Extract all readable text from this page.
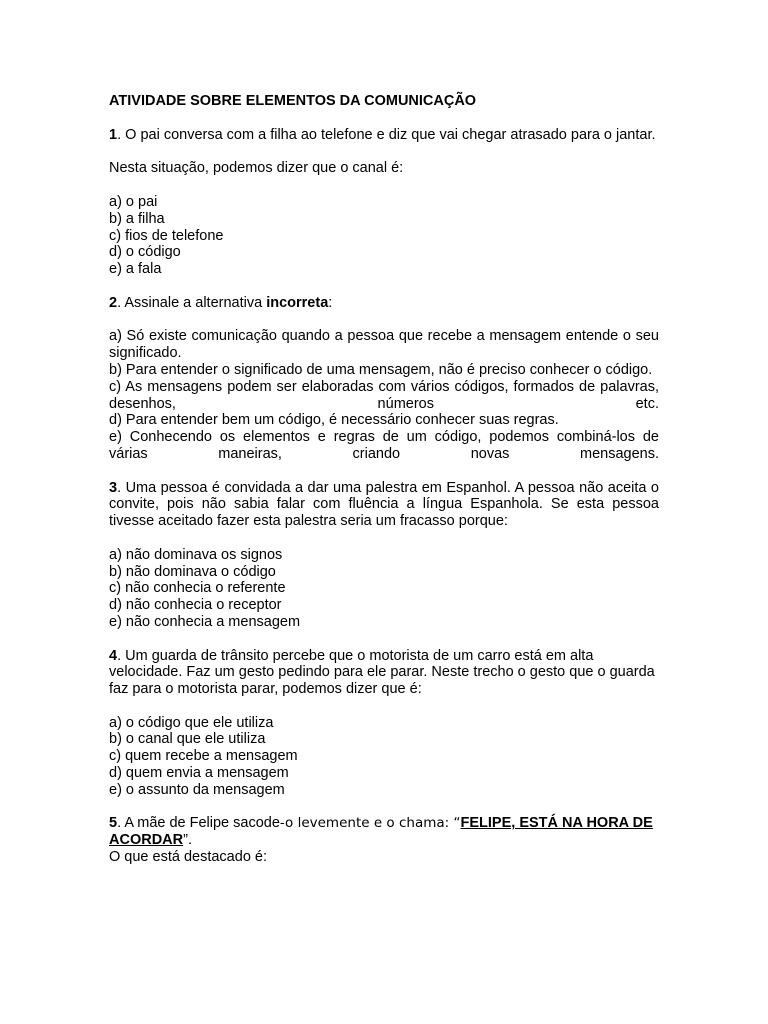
ATIVIDADE SOBRE ELEMENTOS DA COMUNICAÇÃO
1. O pai conversa com a filha ao telefone e diz que vai chegar atrasado para o jantar.
Nesta situação, podemos dizer que o canal é:
a) o pai
b) a filha
c) fios de telefone
d) o código
e) a fala
2. Assinale a alternativa incorreta:
a) Só existe comunicação quando a pessoa que recebe a mensagem entende o seu significado.
b) Para entender o significado de uma mensagem, não é preciso conhecer o código.
c) As mensagens podem ser elaboradas com vários códigos, formados de palavras, desenhos, números etc.
d) Para entender bem um código, é necessário conhecer suas regras.
e) Conhecendo os elementos e regras de um código, podemos combiná-los de várias maneiras, criando novas mensagens.
3. Uma pessoa é convidada a dar uma palestra em Espanhol. A pessoa não aceita o convite, pois não sabia falar com fluência a língua Espanhola. Se esta pessoa tivesse aceitado fazer esta palestra seria um fracasso porque:
a) não dominava os signos
b) não dominava o código
c) não conhecia o referente
d) não conhecia o receptor
e) não conhecia a mensagem
4. Um guarda de trânsito percebe que o motorista de um carro está em alta velocidade. Faz um gesto pedindo para ele parar. Neste trecho o gesto que o guarda faz para o motorista parar, podemos dizer que é:
a) o código que ele utiliza
b) o canal que ele utiliza
c) quem recebe a mensagem
d) quem envia a mensagem
e) o assunto da mensagem
5. A mãe de Felipe sacode-o levemente e o chama: “FELIPE, ESTÁ NA HORA DE ACORDAR”.
O que está destacado é:
